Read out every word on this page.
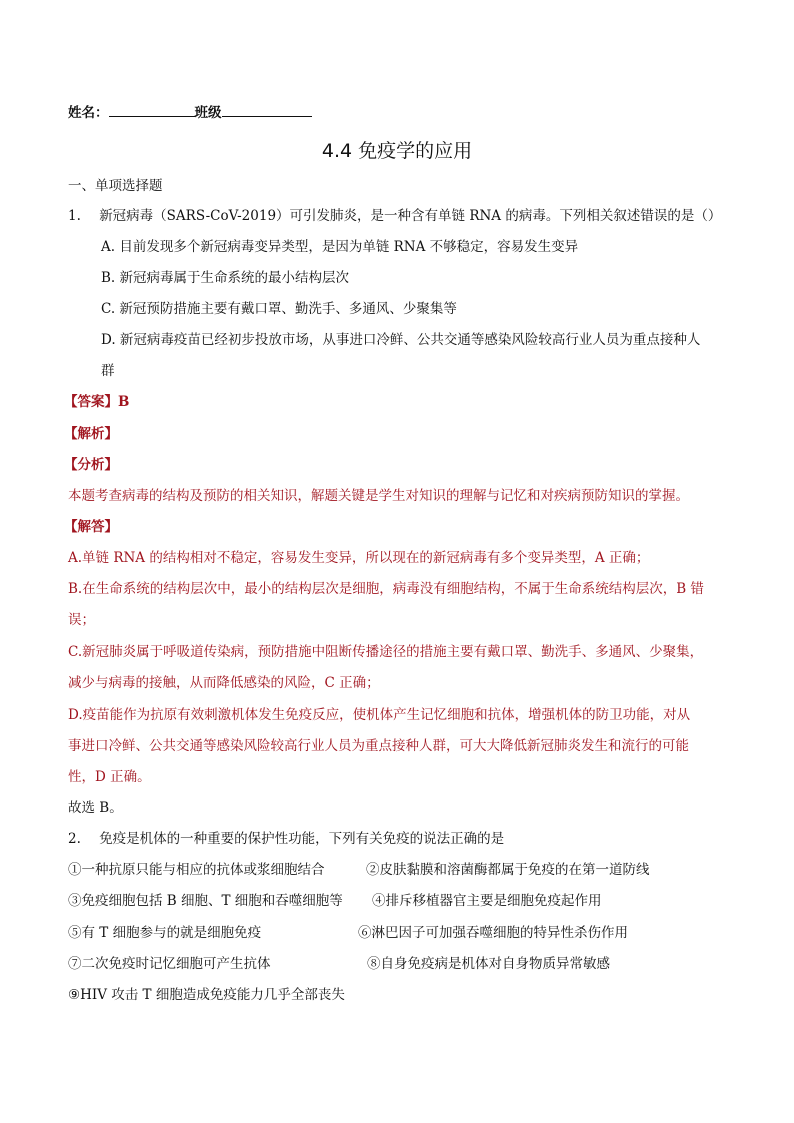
姓名：	班级
4.4 免疫学的应用
一、单项选择题
1. 新冠病毒（SARS-CoV-2019）可引发肺炎，是一种含有单链 RNA 的病毒。下列相关叙述错误的是（）
A. 目前发现多个新冠病毒变异类型，是因为单链 RNA 不够稳定，容易发生变异
B. 新冠病毒属于生命系统的最小结构层次
C. 新冠预防措施主要有戴口罩、勤洗手、多通风、少聚集等
D. 新冠病毒疫苗已经初步投放市场，从事进口冷鲜、公共交通等感染风险较高行业人员为重点接种人
群
【答案】B
【解析】
【分析】
本题考查病毒的结构及预防的相关知识，解题关键是学生对知识的理解与记忆和对疾病预防知识的掌握。
【解答】
A.单链 RNA 的结构相对不稳定，容易发生变异，所以现在的新冠病毒有多个变异类型，A 正确；
B.在生命系统的结构层次中，最小的结构层次是细胞，病毒没有细胞结构，不属于生命系统结构层次，B 错
误；
C.新冠肺炎属于呼吸道传染病，预防措施中阻断传播途径的措施主要有戴口罩、勤洗手、多通风、少聚集，
减少与病毒的接触，从而降低感染的风险，C 正确；
D.疫苗能作为抗原有效刺激机体发生免疫反应，使机体产生记忆细胞和抗体，增强机体的防卫功能，对从
事进口冷鲜、公共交通等感染风险较高行业人员为重点接种人群，可大大降低新冠肺炎发生和流行的可能
性，D 正确。
故选 B。
2. 免疫是机体的一种重要的保护性功能，下列有关免疫的说法正确的是
①一种抗原只能与相应的抗体或浆细胞结合	②皮肤黏膜和溶菌酶都属于免疫的在第一道防线
③免疫细胞包括 B 细胞、T 细胞和吞噬细胞等 ④排斥移植器官主要是细胞免疫起作用
⑤有 T 细胞参与的就是细胞免疫	⑥淋巴因子可加强吞噬细胞的特异性杀伤作用
⑦二次免疫时记忆细胞可产生抗体	⑧自身免疫病是机体对自身物质异常敏感
⑨HIV 攻击 T 细胞造成免疫能力几乎全部丧失
